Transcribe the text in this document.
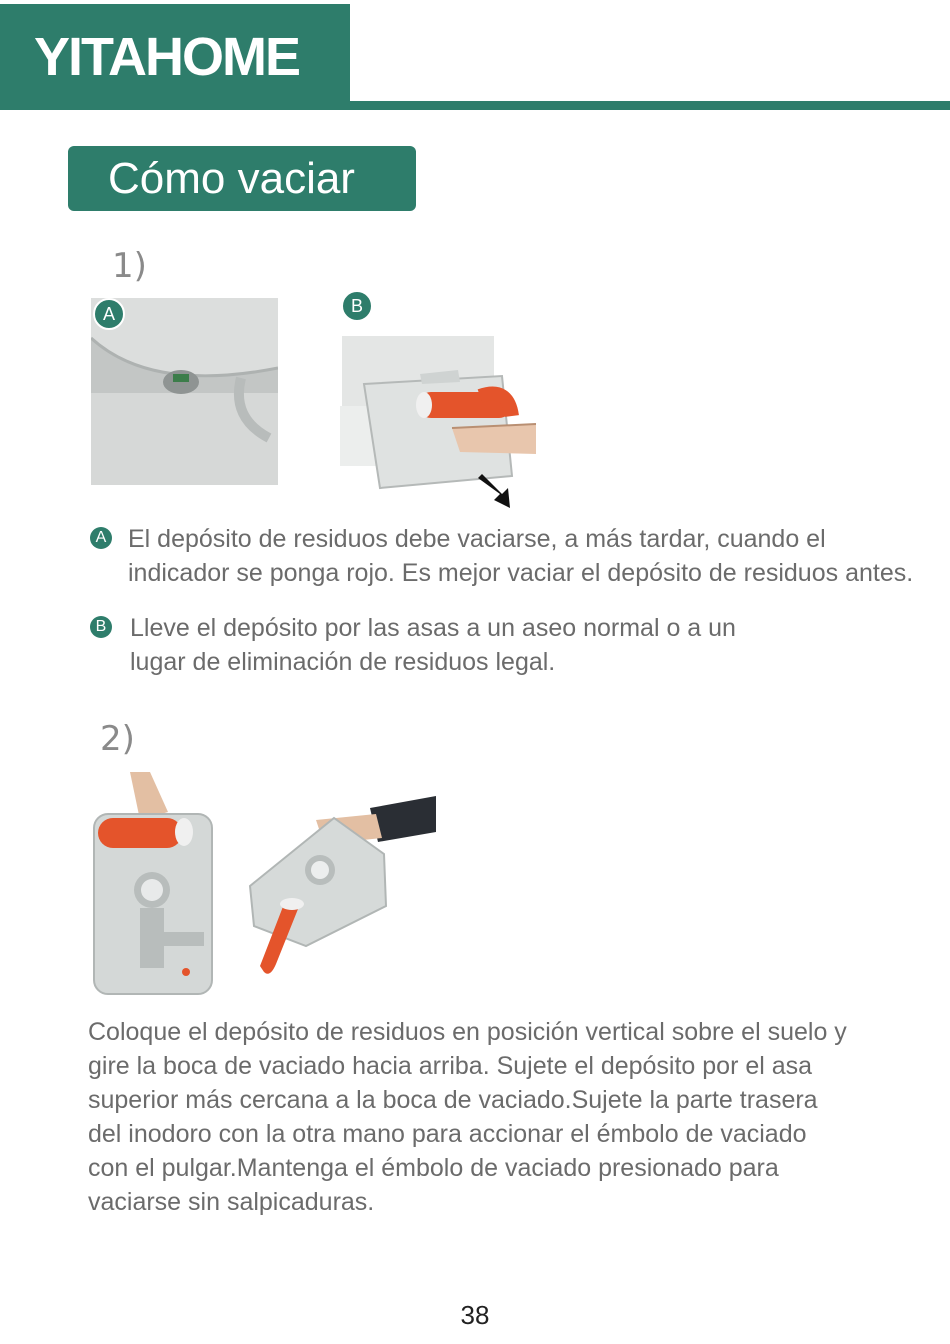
YITAHOME
Cómo vaciar
1)
A	B
A El depósito de residuos debe vaciarse, a más tardar, cuando el
indicador se ponga rojo. Es mejor vaciar el depósito de residuos antes.
B Lleve el depósito por las asas a un aseo normal o a un
lugar de eliminación de residuos legal.
2)
Coloque el depósito de residuos en posición vertical sobre el suelo y
gire la boca de vaciado hacia arriba. Sujete el depósito por el asa
superior más cercana a la boca de vaciado.Sujete la parte trasera
del inodoro con la otra mano para accionar el émbolo de vaciado
con el pulgar.Mantenga el émbolo de vaciado presionado para
vaciarse sin salpicaduras.
38
